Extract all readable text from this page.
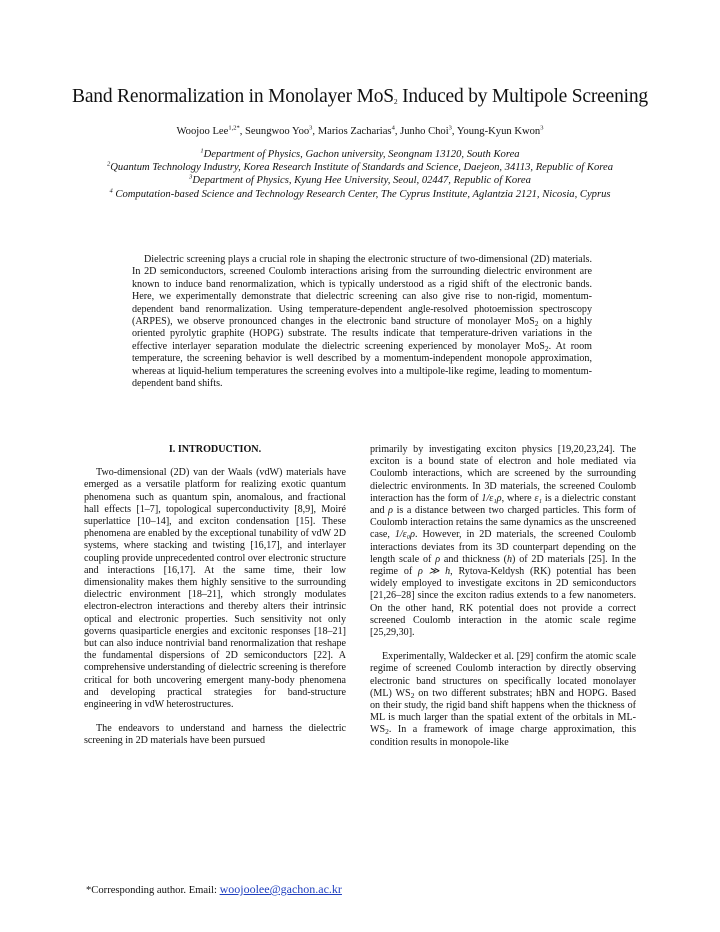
Band Renormalization in Monolayer MoS$_2$ Induced by Multipole Screening
Woojoo Lee$^{1,2*}$, Seungwoo Yoo$^3$, Marios Zacharias$^4$, Junho Choi$^3$, Young-Kyun Kwon$^3$

$^1$Department of Physics, Gachon university, Seongnam 13120, South Korea

$^2$Quantum Technology Industry, Korea Research Institute of Standards and Science, Daejeon, 34113, Republic of Korea

$^3$Department of Physics, Kyung Hee University, Seoul, 02447, Republic of Korea

$^4$ Computation-based Science and Technology Research Center, The Cyprus Institute, Aglantzia 2121, Nicosia, Cyprus

Dielectric screening plays a crucial role in shaping the electronic structure of two-dimensional (2D) materials. In 2D semiconductors, screened Coulomb interactions arising from the surrounding dielectric environment are known to induce band renormalization, which is typically understood as a rigid shift of the electronic bands. Here, we experimentally demonstrate that dielectric screening can also give rise to non-rigid, momentum-dependent band renormalization. Using temperature-dependent angle-resolved photoemission spectroscopy (ARPES), we observe pronounced changes in the electronic band structure of monolayer MoS$_2$ on a highly oriented pyrolytic graphite (HOPG) substrate. The results indicate that temperature-driven variations in the effective interlayer separation modulate the dielectric screening experienced by monolayer MoS$_2$. At room temperature, the screening behavior is well described by a momentum-independent monopole approximation, whereas at liquid-helium temperatures the screening evolves into a multipole-like regime, leading to momentum-dependent band shifts.

I. INTRODUCTION.

Two-dimensional (2D) van der Waals (vdW) materials have emerged as a versatile platform for realizing exotic quantum phenomena such as quantum spin, anomalous, and fractional hall effects [1–7], topological superconductivity [8,9], Moiré superlattice [10–14], and exciton condensation [15]. These phenomena are enabled by the exceptional tunability of vdW 2D systems, where stacking and twisting [16,17], and interlayer coupling provide unprecedented control over electronic structure and interactions [16,17]. At the same time, their low dimensionality makes them highly sensitive to the surrounding dielectric environment [18–21], which strongly modulates electron-electron interactions and thereby alters their intrinsic optical and electronic properties. Such sensitivity not only governs quasiparticle energies and excitonic responses [18–21] but can also induce nontrivial band renormalization that reshape the fundamental dispersions of 2D semiconductors [22]. A comprehensive understanding of dielectric screening is therefore critical for both uncovering emergent many-body phenomena and developing practical strategies for band-structure engineering in vdW heterostructures.

The endeavors to understand and harness the dielectric screening in 2D materials have been pursued

primarily by investigating exciton physics [19,20,23,24]. The exciton is a bound state of electron and hole mediated via Coulomb interactions, which are screened by the surrounding dielectric environments. In 3D materials, the screened Coulomb interaction has the form of 1/ε₁ρ, where ε₁ is a dielectric constant and ρ is a distance between two charged particles. This form of Coulomb interaction retains the same dynamics as the unscreened case, 1/ε₀ρ. However, in 2D materials, the screened Coulomb interactions deviates from its 3D counterpart depending on the length scale of ρ and thickness (h) of 2D materials [25]. In the regime of ρ ≫ h, Rytova-Keldysh (RK) potential has been widely employed to investigate excitons in 2D semiconductors [21,26–28] since the exciton radius extends to a few nanometers. On the other hand, RK potential does not provide a correct screened Coulomb interaction in the atomic scale regime [25,29,30].

Experimentally, Waldecker et al. [29] confirm the atomic scale regime of screened Coulomb interaction by directly observing electronic band structures on specifically located monolayer (ML) $WS_2$ on two different substrates; hBN and HOPG. Based on their study, the rigid band shift happens when the thickness of ML is much larger than the spatial extent of the orbitals in $ML-WS_2$. In a framework of image charge approximation, this condition results in monopole-like

*Corresponding author. Email: woojoolee@gachon.ac.kr
